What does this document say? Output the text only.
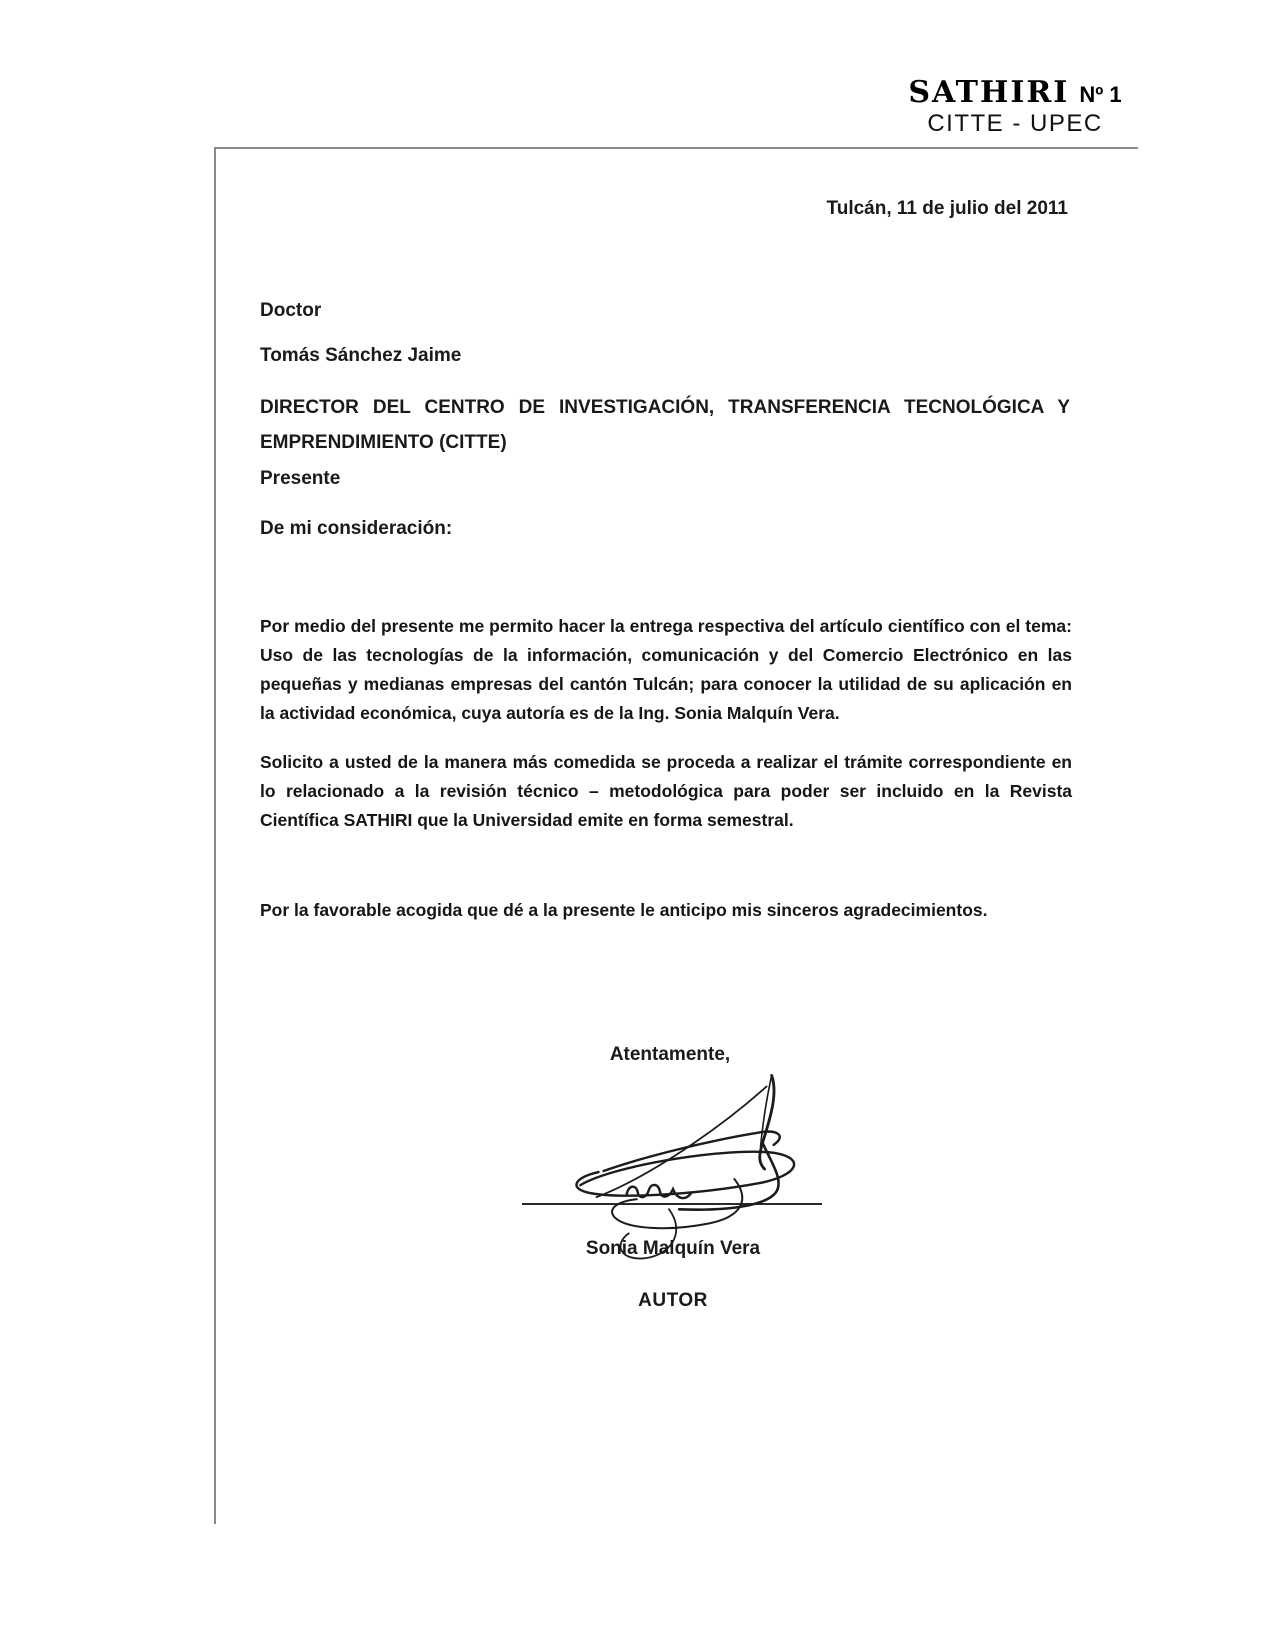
SATHIRI Nº 1
CITTE - UPEC
Tulcán, 11 de julio del 2011
Doctor
Tomás Sánchez Jaime
DIRECTOR DEL CENTRO DE INVESTIGACIÓN, TRANSFERENCIA TECNOLÓGICA Y EMPRENDIMIENTO (CITTE)
Presente
De mi consideración:
Por medio del presente me permito hacer la entrega respectiva del artículo científico con el tema: Uso de las tecnologías de la información, comunicación y del Comercio Electrónico en las pequeñas y medianas empresas del cantón Tulcán; para conocer la utilidad de su aplicación en la actividad económica, cuya autoría es de la Ing. Sonia Malquín Vera.
Solicito a usted de la manera más comedida se proceda a realizar el trámite correspondiente en lo relacionado a la revisión técnico – metodológica para poder ser incluido en la Revista Científica SATHIRI que la Universidad emite en forma semestral.
Por la favorable acogida que dé a la presente le anticipo mis sinceros agradecimientos.
Atentamente,
Sonia Malquín Vera
AUTOR
